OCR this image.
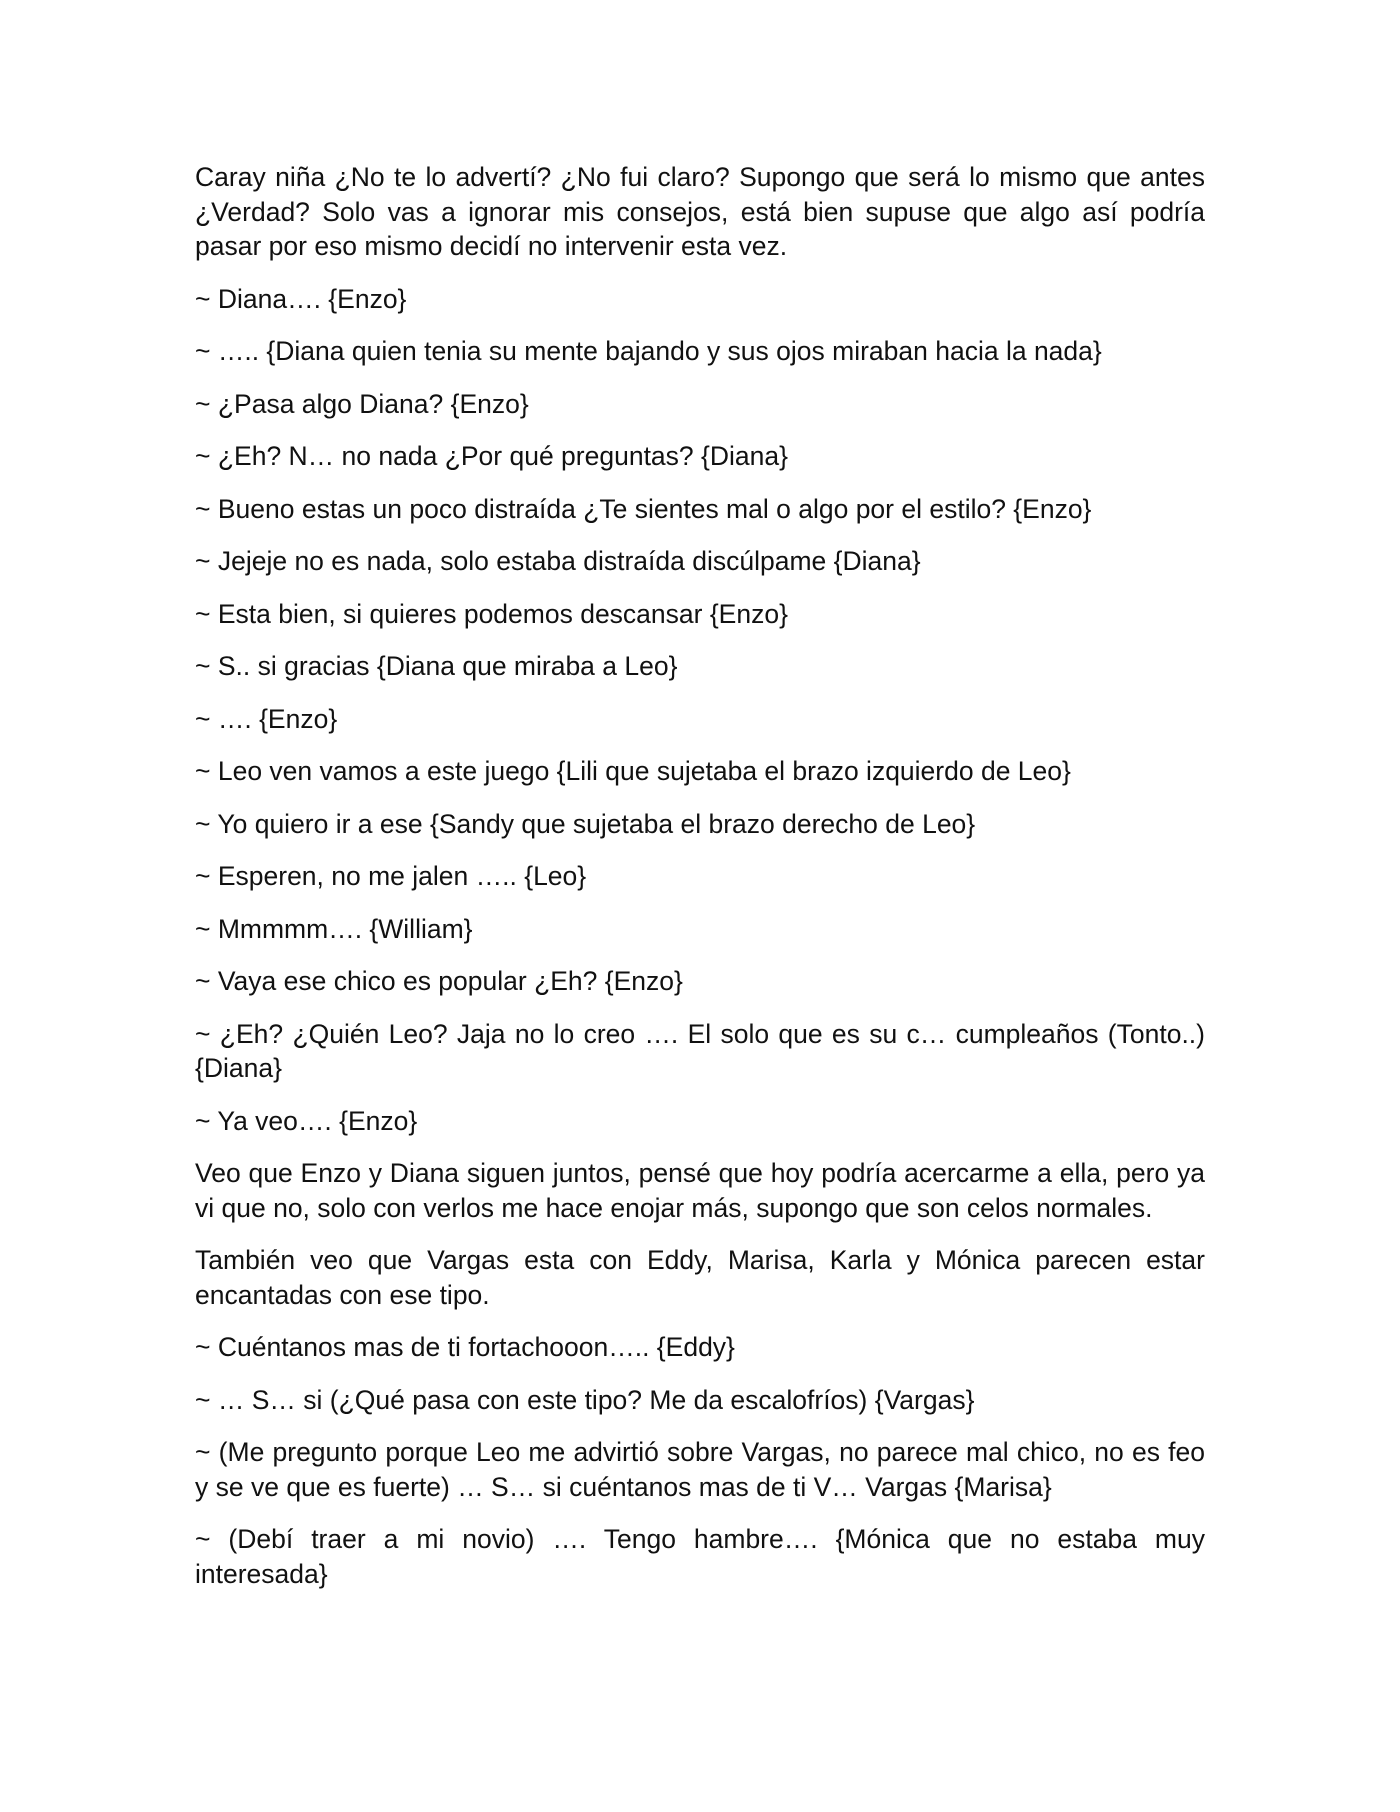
Caray niña ¿No te lo advertí? ¿No fui claro? Supongo que será lo mismo que antes ¿Verdad? Solo vas a ignorar mis consejos, está bien supuse que algo así podría pasar por eso mismo decidí no intervenir esta vez.

~ Diana…. {Enzo}

~ ….. {Diana quien tenia su mente bajando y sus ojos miraban hacia la nada}

~ ¿Pasa algo Diana? {Enzo}

~ ¿Eh? N… no nada ¿Por qué preguntas? {Diana}

~ Bueno estas un poco distraída ¿Te sientes mal o algo por el estilo? {Enzo}

~ Jejeje no es nada, solo estaba distraída discúlpame {Diana}

~ Esta bien, si quieres podemos descansar {Enzo}

~ S.. si gracias {Diana que miraba a Leo}

~ …. {Enzo}

~ Leo ven vamos a este juego {Lili que sujetaba el brazo izquierdo de Leo}

~ Yo quiero ir a ese {Sandy que sujetaba el brazo derecho de Leo}

~ Esperen, no me jalen ….. {Leo}

~ Mmmmm…. {William}

~ Vaya ese chico es popular ¿Eh? {Enzo}

~ ¿Eh? ¿Quién Leo? Jaja no lo creo …. El solo que es su c… cumpleaños (Tonto..) {Diana}

~ Ya veo…. {Enzo}

Veo que Enzo y Diana siguen juntos, pensé que hoy podría acercarme a ella, pero ya vi que no, solo con verlos me hace enojar más, supongo que son celos normales.

También veo que Vargas esta con Eddy, Marisa, Karla y Mónica parecen estar encantadas con ese tipo.

~ Cuéntanos mas de ti fortachooon….. {Eddy}

~ … S… si (¿Qué pasa con este tipo? Me da escalofríos) {Vargas}

~ (Me pregunto porque Leo me advirtió sobre Vargas, no parece mal chico, no es feo y se ve que es fuerte) … S… si cuéntanos mas de ti V… Vargas {Marisa}

~ (Debí traer a mi novio) …. Tengo hambre…. {Mónica que no estaba muy interesada}
